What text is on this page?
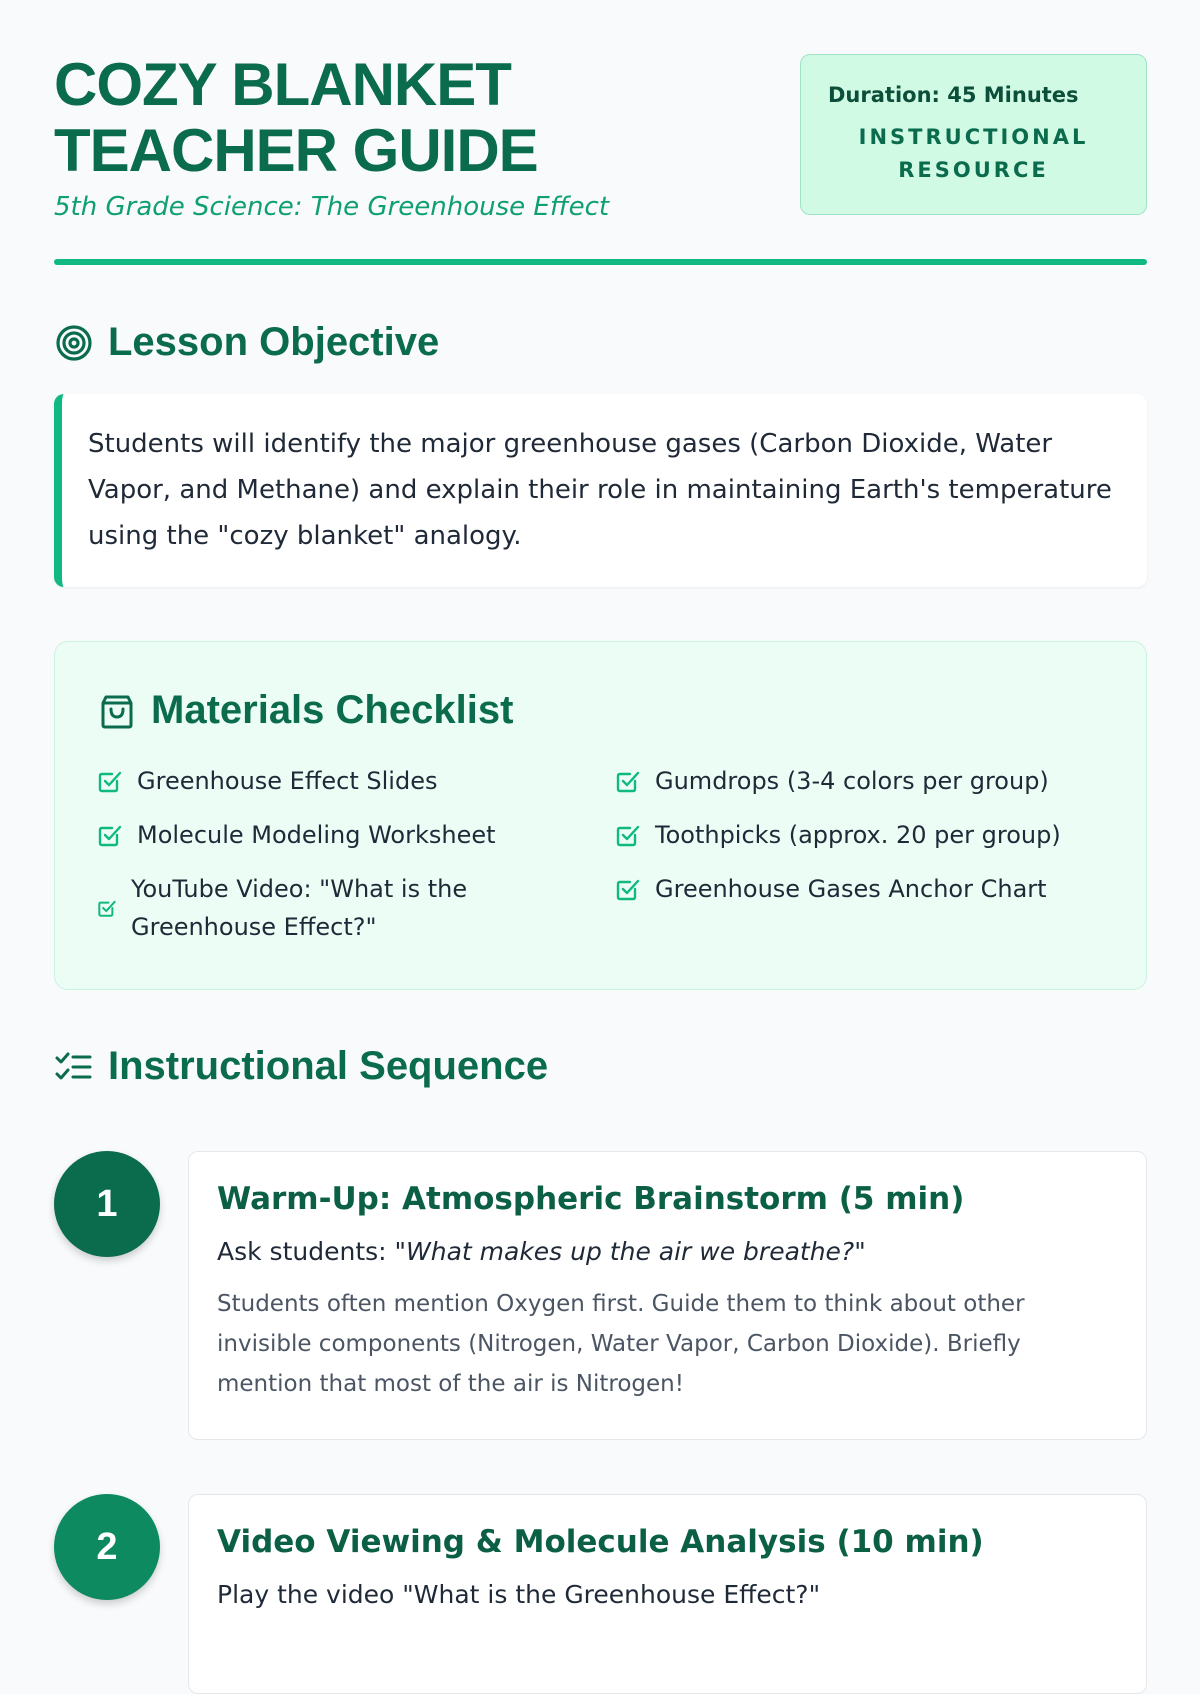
COZY BLANKET
TEACHER GUIDE
5th Grade Science: The Greenhouse Effect
Duration: 45 Minutes
INSTRUCTIONAL RESOURCE
Lesson Objective
Students will identify the major greenhouse gases (Carbon Dioxide, Water Vapor, and Methane) and explain their role in maintaining Earth's temperature using the "cozy blanket" analogy.
Materials Checklist
Greenhouse Effect Slides
Molecule Modeling Worksheet
YouTube Video: "What is the Greenhouse Effect?"
Gumdrops (3-4 colors per group)
Toothpicks (approx. 20 per group)
Greenhouse Gases Anchor Chart
Instructional Sequence
1	Warm-Up: Atmospheric Brainstorm (5 min)
Ask students: "What makes up the air we breathe?"
Students often mention Oxygen first. Guide them to think about other invisible components (Nitrogen, Water Vapor, Carbon Dioxide). Briefly mention that most of the air is Nitrogen!
2	Video Viewing & Molecule Analysis (10 min)
Play the video "What is the Greenhouse Effect?"
